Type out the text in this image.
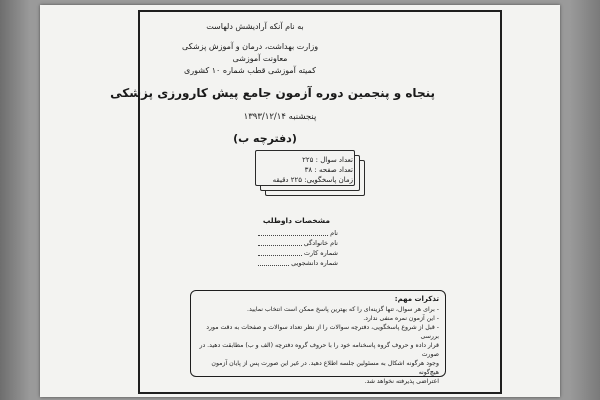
به نام آنکه آرادیشش دلهاست
وزارت بهداشت، درمان و آموزش پزشکی
معاونت آموزشی
کمیته آموزشی قطب شماره ۱۰ کشوری
پنجاه و پنجمین دوره آزمون جامع پیش کارورزی پزشکی
پنجشنبه ۱۳۹۳/۱۲/۱۴
(دفترچه ب)
تعداد سوال : ۲۲۵
تعداد صفحه : ۳۸
زمان پاسخگویی: ۲۲۵ دقیقه
مشخصات داوطلب
نام
نام خانوادگی
شماره کارت
شماره دانشجویی
تذکرات مهم:
- برای هر سوال، تنها گزینه‌ای را که بهترین پاسخ ممکن است انتخاب نمایید.
- این آزمون نمره منفی ندارد.
- قبل از شروع پاسخگویی، دفترچه سوالات را از نظر تعداد سوالات و صفحات به دقت مورد بررسی
قرار داده و حروف گروه پاسخنامه خود را با حروف گروه دفترچه (الف و ب) مطابقت دهید. در صورت
وجود هرگونه اشکال به مسئولین جلسه اطلاع دهید. در غیر این صورت پس از پایان آزمون هیچ‌گونه
اعتراضی پذیرفته نخواهد شد.
